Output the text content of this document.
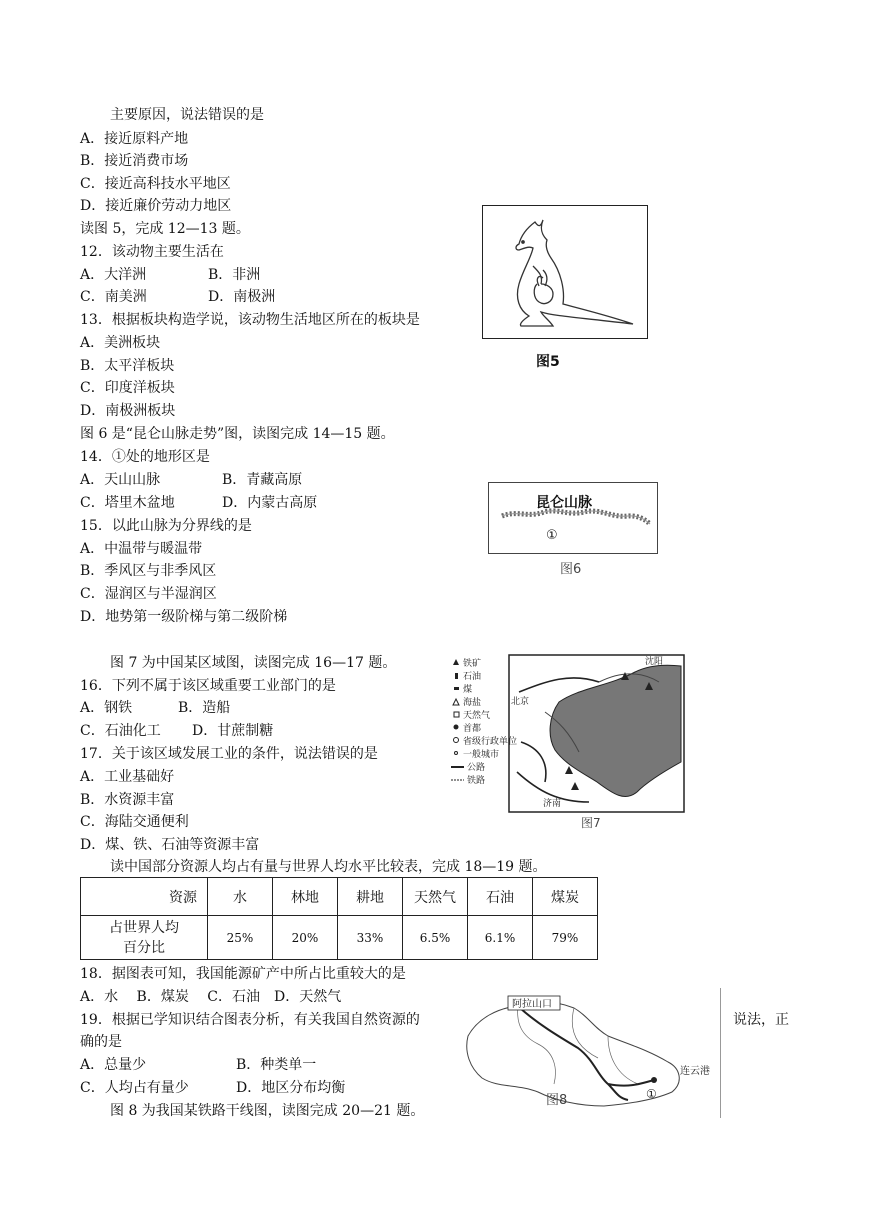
主要原因，说法错误的是
A．接近原料产地
B．接近消费市场
C．接近高科技水平地区
D．接近廉价劳动力地区
读图 5，完成 12—13 题。
12．该动物主要生活在
A．大洋洲	B．非洲
C．南美洲	D．南极洲
13．根据板块构造学说，该动物生活地区所在的板块是
A．美洲板块
B．太平洋板块
C．印度洋板块
D．南极洲板块
图 6 是“昆仑山脉走势”图，读图完成 14—15 题。
14．①处的地形区是
A．天山山脉	B．青藏高原
C．塔里木盆地	D．内蒙古高原
15．以此山脉为分界线的是
A．中温带与暖温带
B．季风区与非季风区
C．湿润区与半湿润区
D．地势第一级阶梯与第二级阶梯
图 7 为中国某区域图，读图完成 16—17 题。
16．下列不属于该区域重要工业部门的是
A．钢铁	B．造船
C．石油化工 D．甘蔗制糖
17．关于该区域发展工业的条件，说法错误的是
A．工业基础好
B．水资源丰富
C．海陆交通便利
D．煤、铁、石油等资源丰富
读中国部分资源人均占有量与世界人均水平比较表，完成 18—19 题。
资源	水	林地	耕地	天然气	石油	煤炭

占世界人均
百分比	25%	20%	33%	6.5%	6.1%	79%
18．据图表可知，我国能源矿产中所占比重较大的是
A．水　 B．煤炭　 C．石油　D．天然气
19．根据已学知识结合图表分析，有关我国自然资源的	说法，正
确的是
A．总量少	B．种类单一
C．人均占有量少	D．地区分布均衡
图 8 为我国某铁路干线图，读图完成 20—21 题。
图5
昆仑山脉
①
图6
铁矿
石油
煤
海盐
天然气
首都
省级行政单位
一般城市
公路
铁路
沈阳
北京
济南
图7
阿拉山口
连云港
①
图8
